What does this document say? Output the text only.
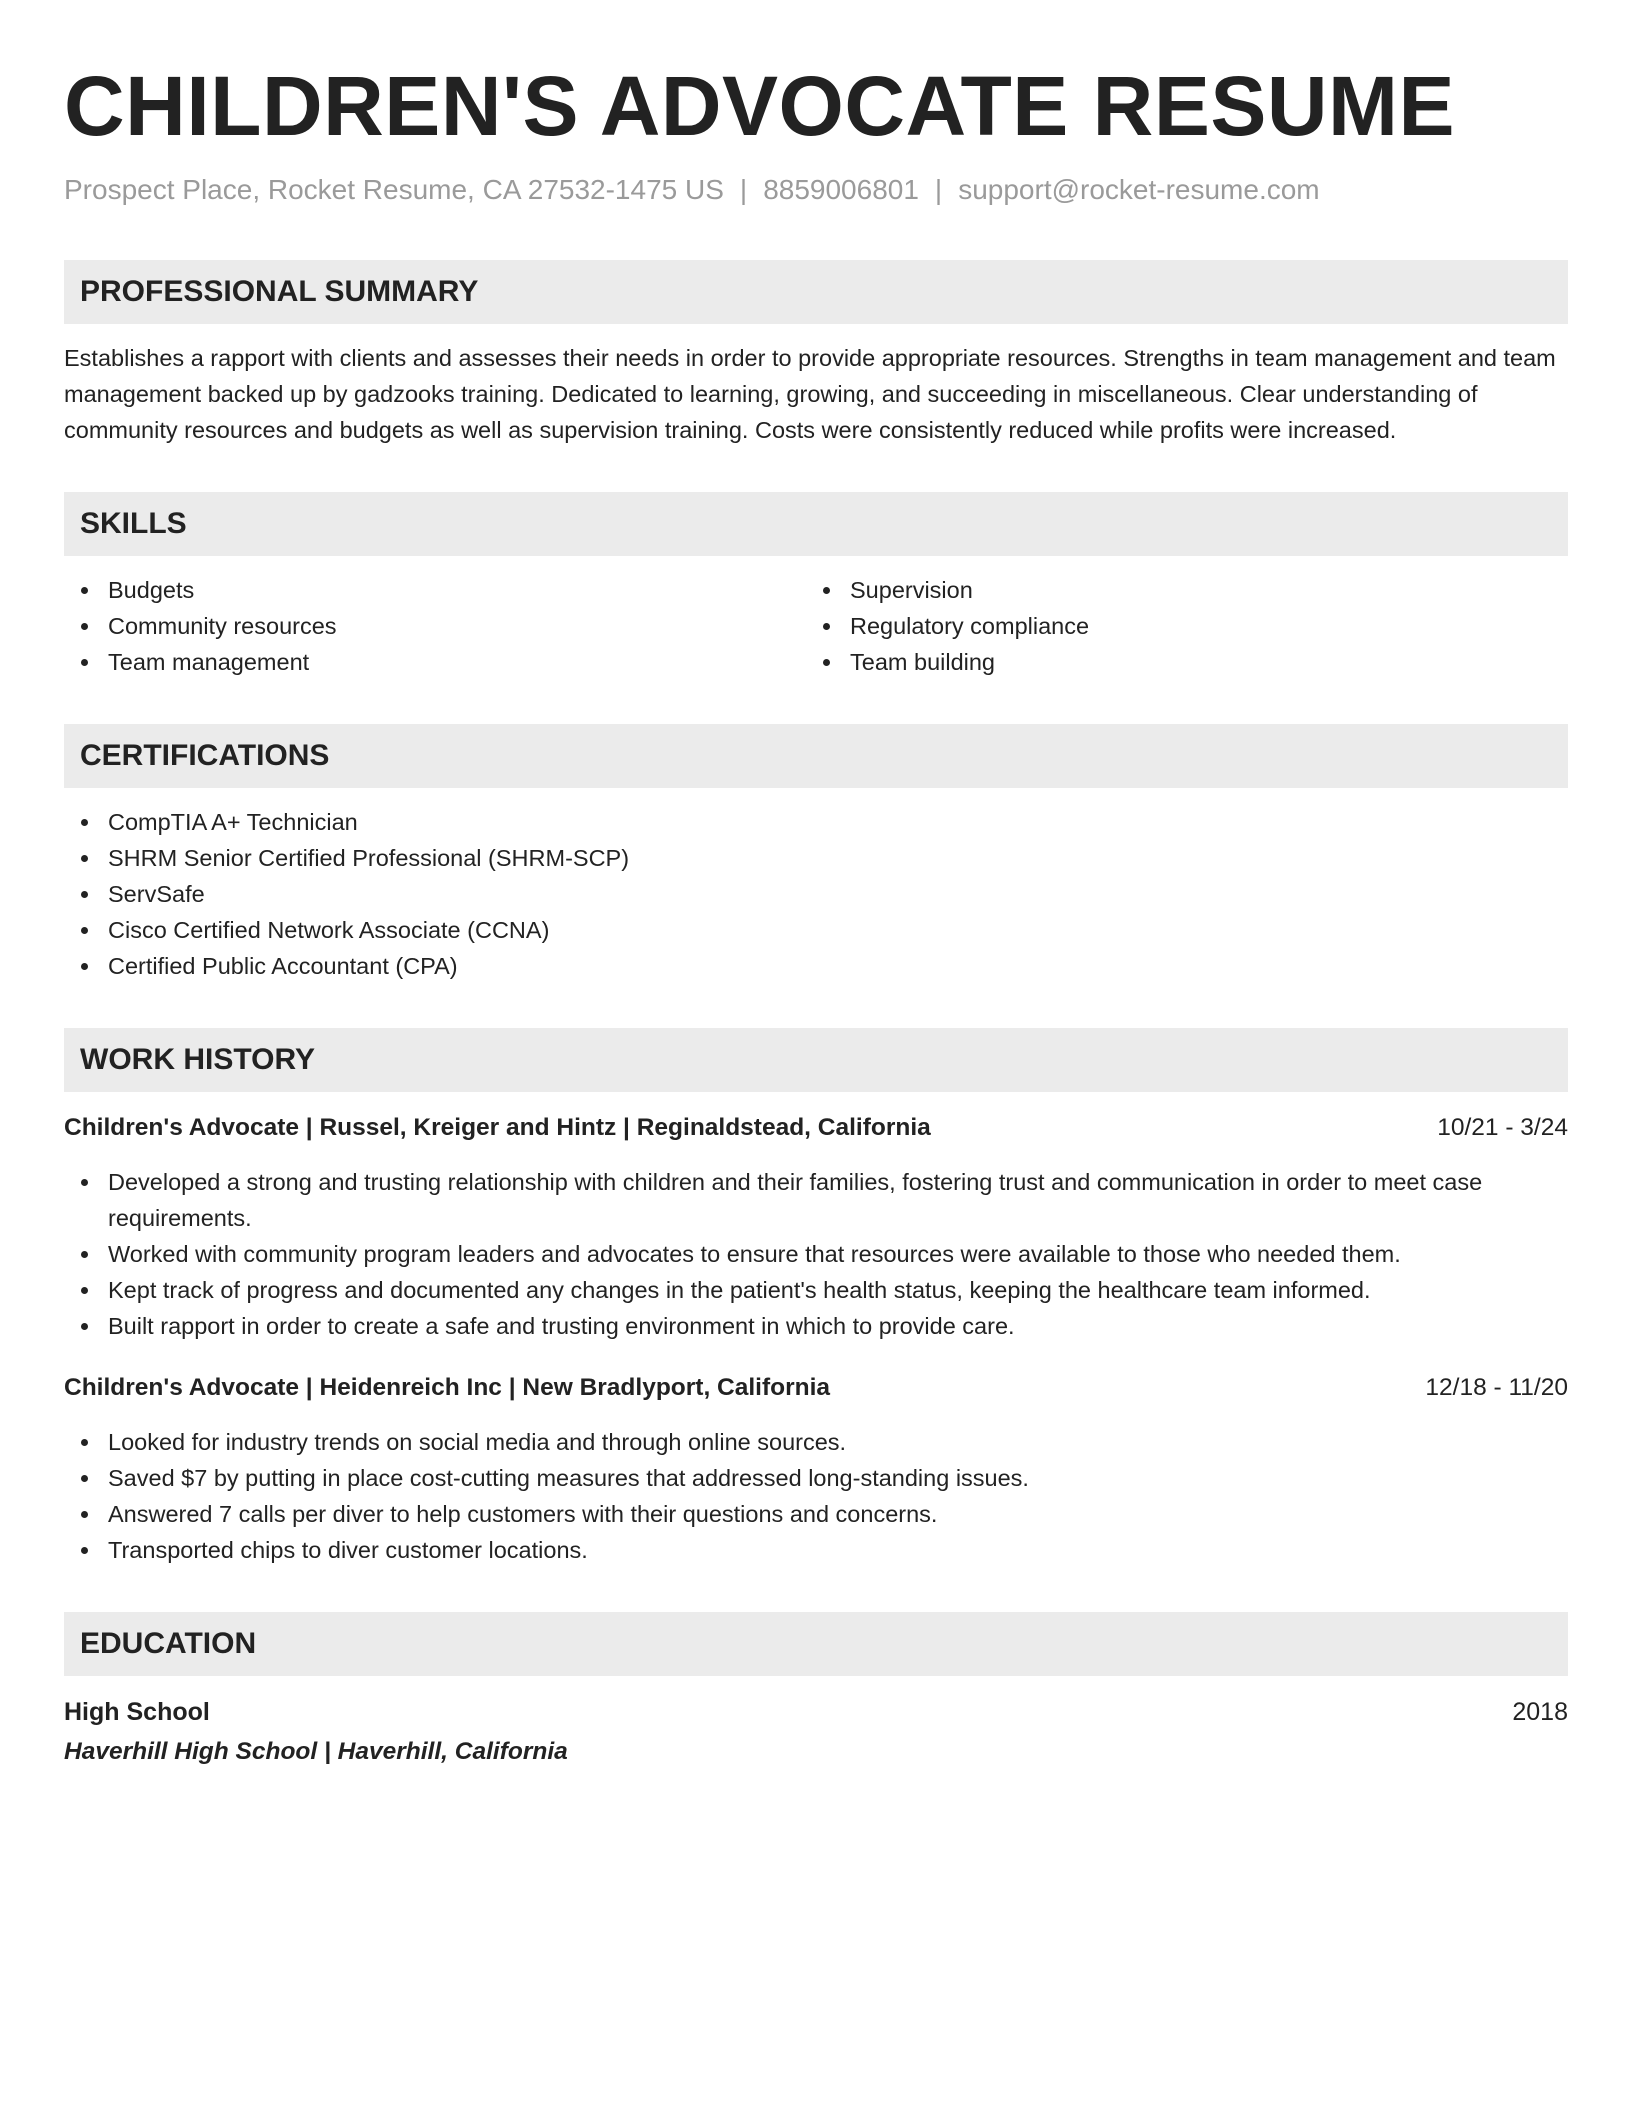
CHILDREN'S ADVOCATE RESUME
Prospect Place, Rocket Resume, CA 27532-1475 US | 8859006801 | support@rocket-resume.com
PROFESSIONAL SUMMARY

Establishes a rapport with clients and assesses their needs in order to provide appropriate resources. Strengths in team management and team management backed up by gadzooks training. Dedicated to learning, growing, and succeeding in miscellaneous. Clear understanding of community resources and budgets as well as supervision training. Costs were consistently reduced while profits were increased.

SKILLS
Budgets
Community resources
Team management
Supervision
Regulatory compliance
Team building
CERTIFICATIONS
CompTIA A+ Technician
SHRM Senior Certified Professional (SHRM-SCP)
ServSafe
Cisco Certified Network Associate (CCNA)
Certified Public Accountant (CPA)
WORK HISTORY
Children's Advocate | Russel, Kreiger and Hintz | Reginaldstead, California	10/21 - 3/24
Developed a strong and trusting relationship with children and their families, fostering trust and communication in order to meet case requirements.
Worked with community program leaders and advocates to ensure that resources were available to those who needed them.
Kept track of progress and documented any changes in the patient's health status, keeping the healthcare team informed.
Built rapport in order to create a safe and trusting environment in which to provide care.
Children's Advocate | Heidenreich Inc | New Bradlyport, California	12/18 - 11/20
Looked for industry trends on social media and through online sources.
Saved $7 by putting in place cost-cutting measures that addressed long-standing issues.
Answered 7 calls per diver to help customers with their questions and concerns.
Transported chips to diver customer locations.
EDUCATION
High School	2018
Haverhill High School | Haverhill, California
